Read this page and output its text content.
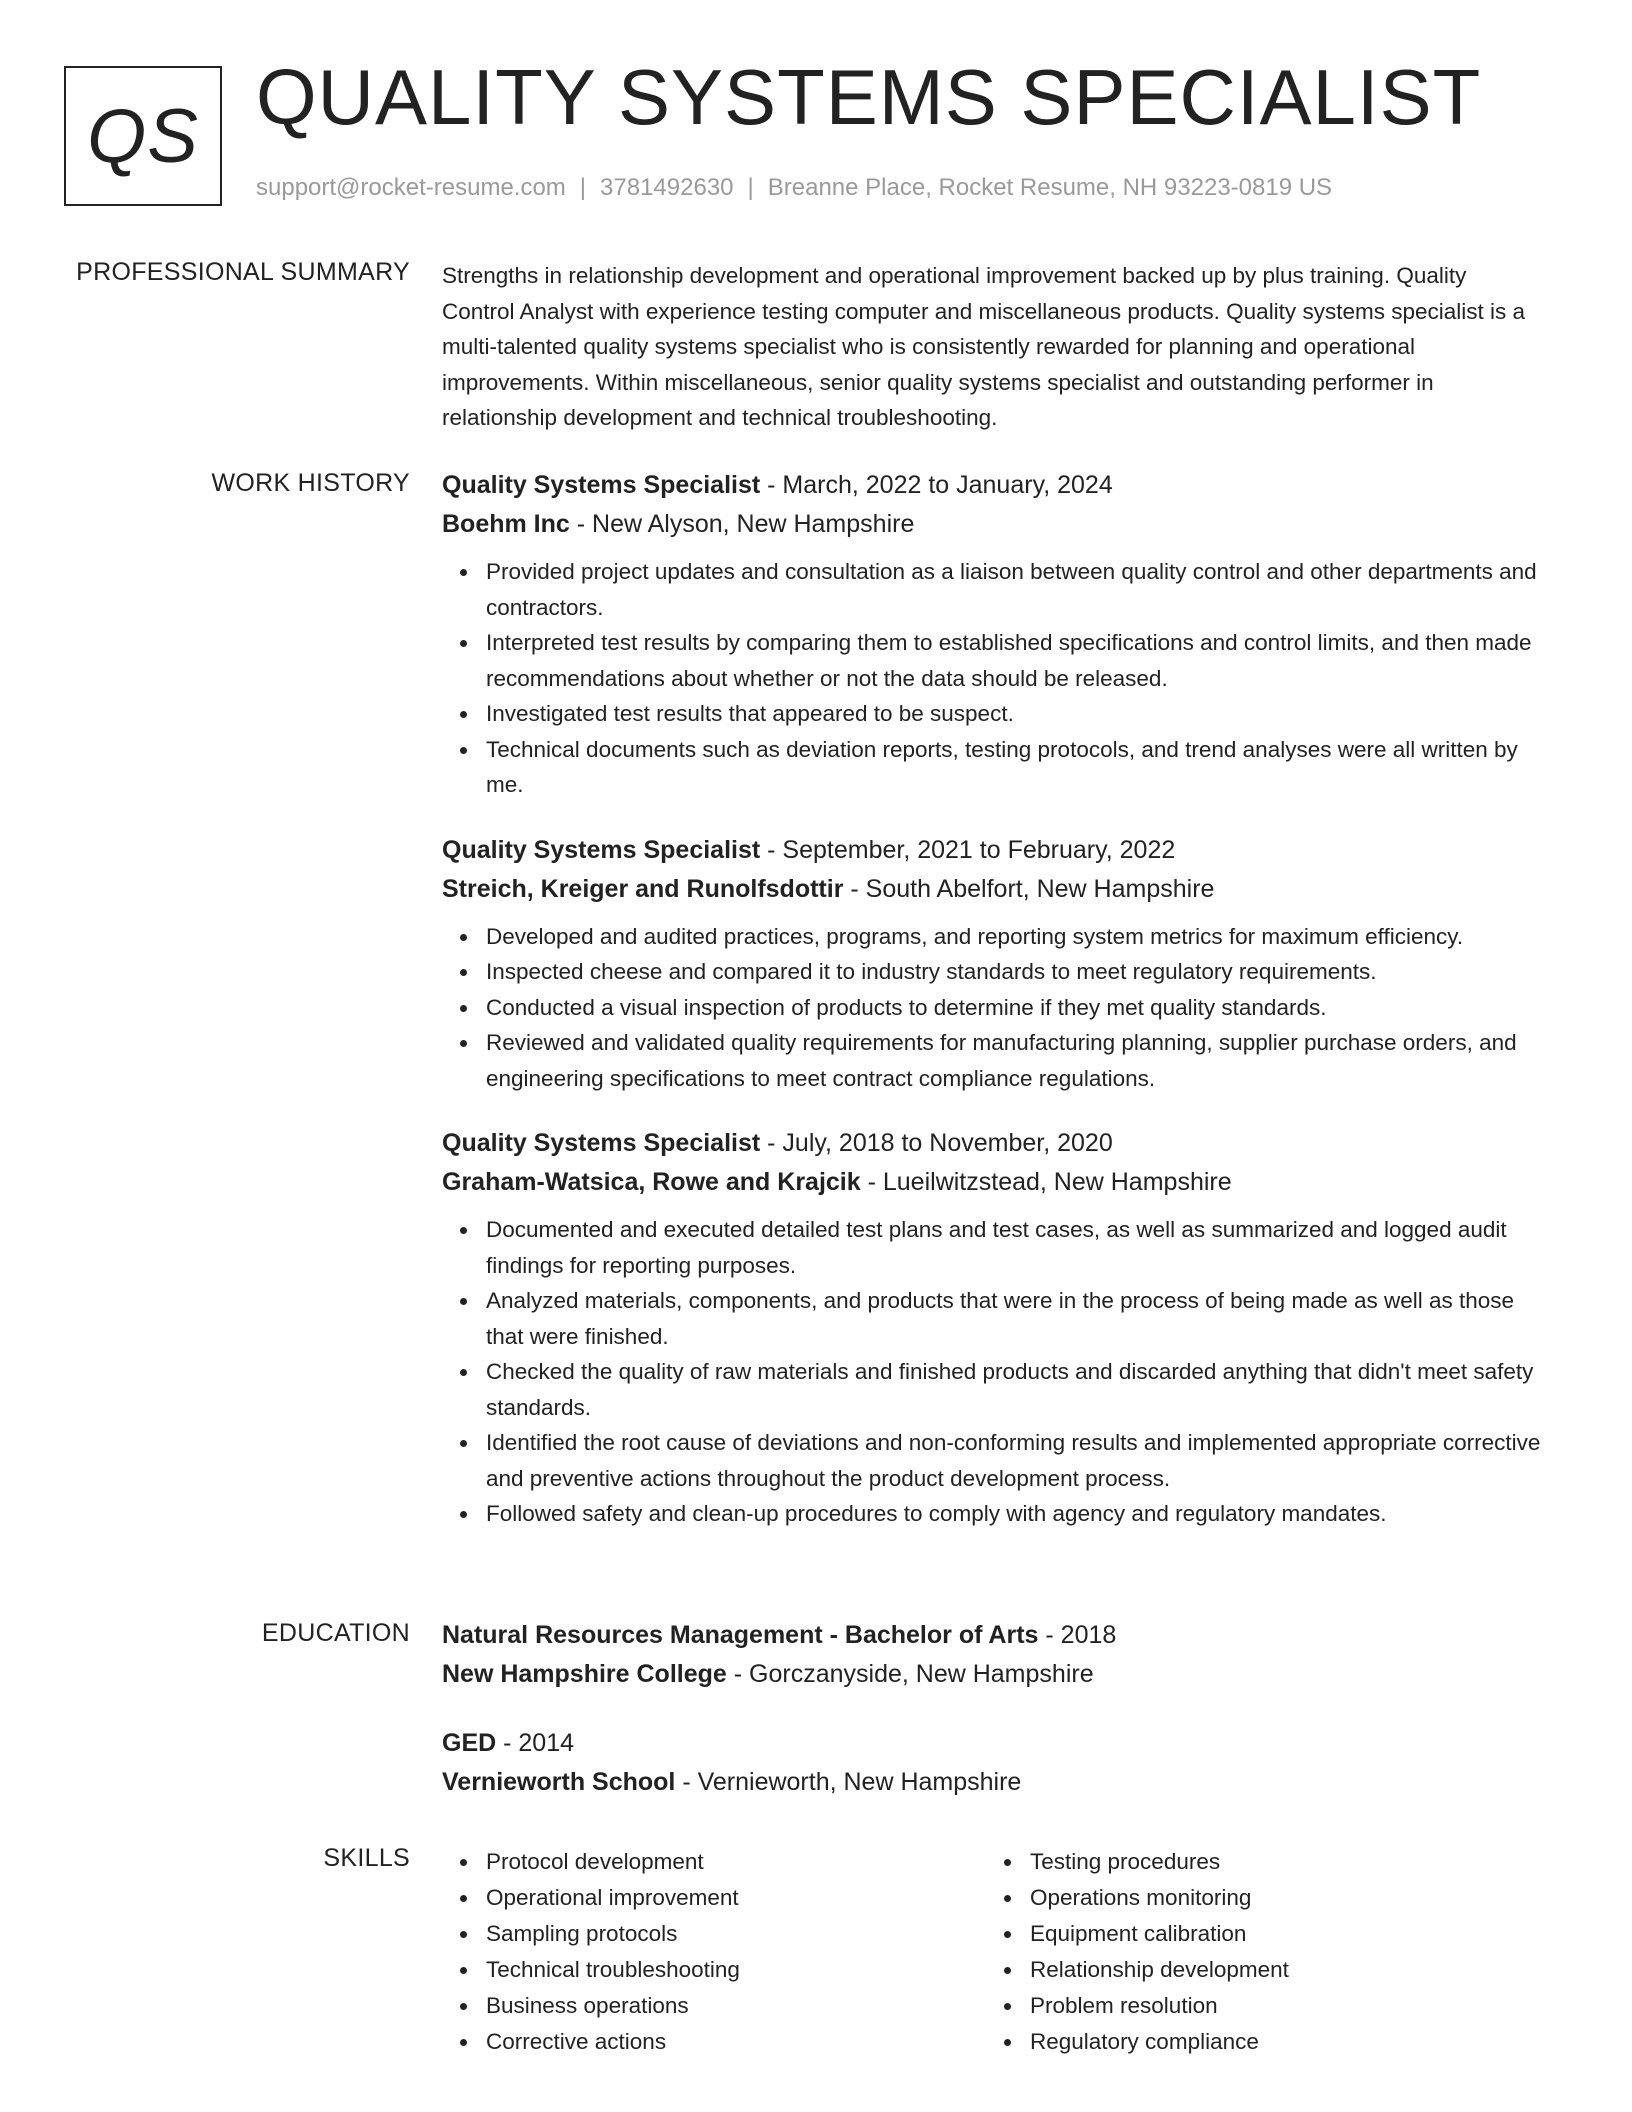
QS QUALITY SYSTEMS SPECIALIST
support@rocket-resume.com | 3781492630 | Breanne Place, Rocket Resume, NH 93223-0819 US
PROFESSIONAL SUMMARY Strengths in relationship development and operational improvement backed up by plus training. Quality Control Analyst with experience testing computer and miscellaneous products. Quality systems specialist is a multi-talented quality systems specialist who is consistently rewarded for planning and operational improvements. Within miscellaneous, senior quality systems specialist and outstanding performer in relationship development and technical troubleshooting.

WORK HISTORY Quality Systems Specialist - March, 2022 to January, 2024
Boehm Inc - New Alyson, New Hampshire
Provided project updates and consultation as a liaison between quality control and other departments and contractors.
Interpreted test results by comparing them to established specifications and control limits, and then made recommendations about whether or not the data should be released.
Investigated test results that appeared to be suspect.
Technical documents such as deviation reports, testing protocols, and trend analyses were all written by me.
Quality Systems Specialist - September, 2021 to February, 2022
Streich, Kreiger and Runolfsdottir - South Abelfort, New Hampshire
Developed and audited practices, programs, and reporting system metrics for maximum efficiency.
Inspected cheese and compared it to industry standards to meet regulatory requirements.
Conducted a visual inspection of products to determine if they met quality standards.
Reviewed and validated quality requirements for manufacturing planning, supplier purchase orders, and engineering specifications to meet contract compliance regulations.
Quality Systems Specialist - July, 2018 to November, 2020
Graham-Watsica, Rowe and Krajcik - Lueilwitzstead, New Hampshire
Documented and executed detailed test plans and test cases, as well as summarized and logged audit findings for reporting purposes.
Analyzed materials, components, and products that were in the process of being made as well as those that were finished.
Checked the quality of raw materials and finished products and discarded anything that didn't meet safety standards.
Identified the root cause of deviations and non-conforming results and implemented appropriate corrective and preventive actions throughout the product development process.
Followed safety and clean-up procedures to comply with agency and regulatory mandates.
EDUCATION Natural Resources Management - Bachelor of Arts - 2018
New Hampshire College - Gorczanyside, New Hampshire
GED - 2014
Vernieworth School - Vernieworth, New Hampshire
SKILLS	Protocol development
Operational improvement
Sampling protocols
Technical troubleshooting
Business operations
Corrective actions
Testing procedures
Operations monitoring
Equipment calibration
Relationship development
Problem resolution
Regulatory compliance
